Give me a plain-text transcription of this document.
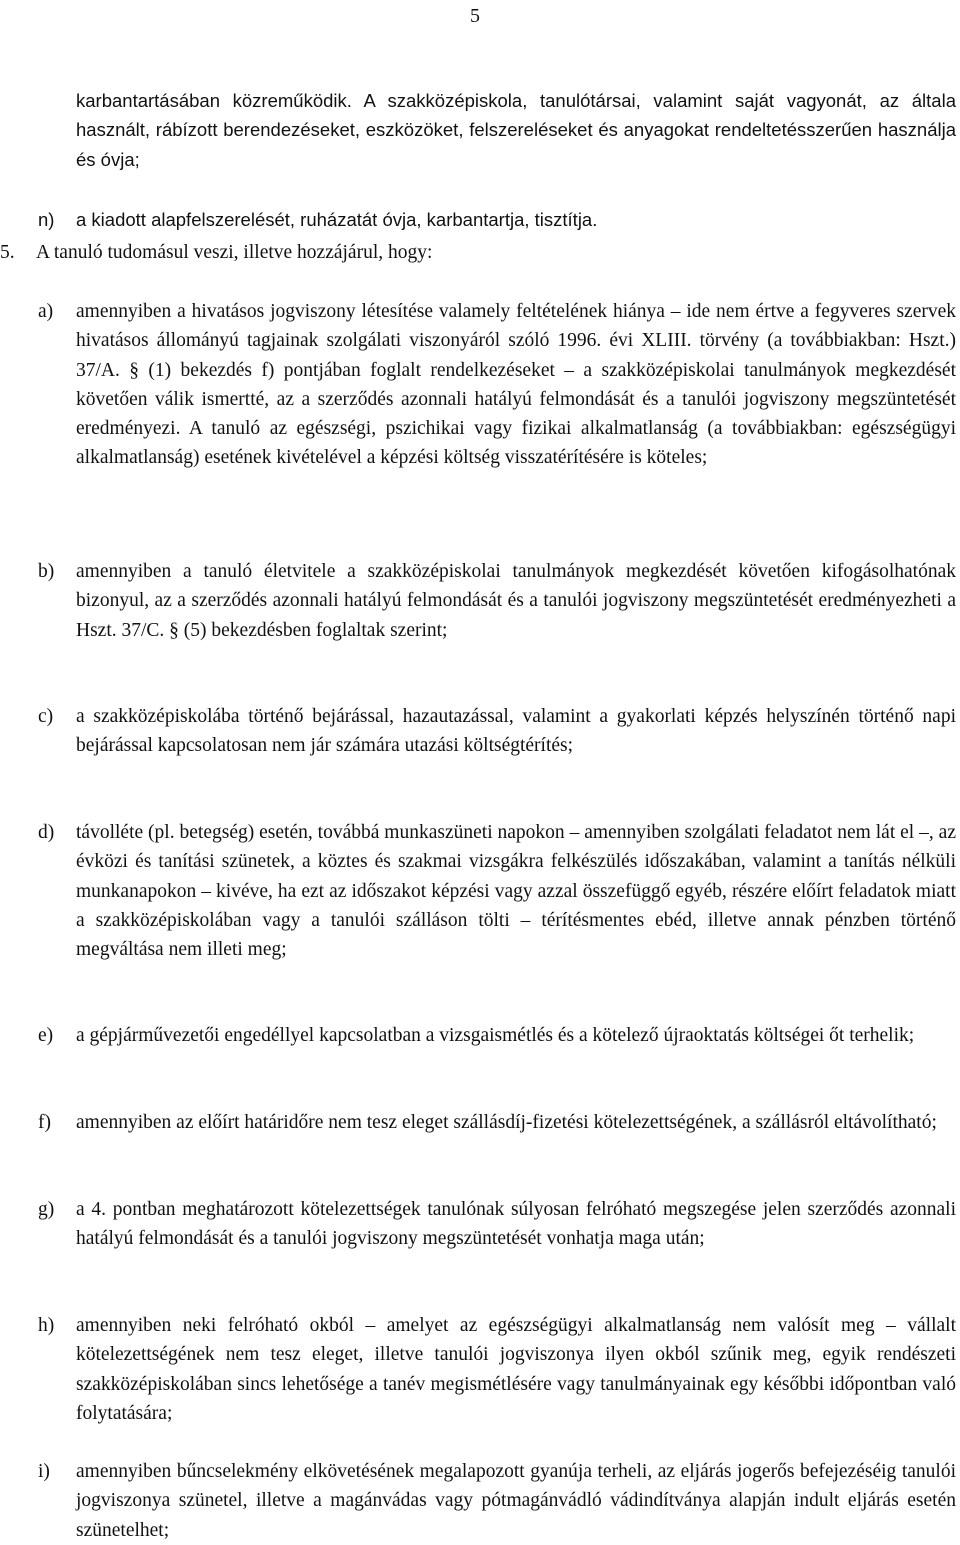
5
karbantartásában közreműködik. A szakközépiskola, tanulótársai, valamint saját vagyonát, az általa használt, rábízott berendezéseket, eszközöket, felszereléseket és anyagokat rendeltetésszerűen használja és óvja;
n)	a kiadott alapfelszerelését, ruházatát óvja, karbantartja, tisztítja.
5.	A tanuló tudomásul veszi, illetve hozzájárul, hogy:
a)	amennyiben a hivatásos jogviszony létesítése valamely feltételének hiánya – ide nem értve a fegyveres szervek hivatásos állományú tagjainak szolgálati viszonyáról szóló 1996. évi XLIII. törvény (a továbbiakban: Hszt.) 37/A. § (1) bekezdés f) pontjában foglalt rendelkezéseket – a szakközépiskolai tanulmányok megkezdését követően válik ismertté, az a szerződés azonnali hatályú felmondását és a tanulói jogviszony megszüntetését eredményezi. A tanuló az egészségi, pszichikai vagy fizikai alkalmatlanság (a továbbiakban: egészségügyi alkalmatlanság) esetének kivételével a képzési költség visszatérítésére is köteles;
b)	amennyiben a tanuló életvitele a szakközépiskolai tanulmányok megkezdését követően kifogásolhatónak bizonyul, az a szerződés azonnali hatályú felmondását és a tanulói jogviszony megszüntetését eredményezheti a Hszt. 37/C. § (5) bekezdésben foglaltak szerint;
c)	a szakközépiskolába történő bejárással, hazautazással, valamint a gyakorlati képzés helyszínén történő napi bejárással kapcsolatosan nem jár számára utazási költségtérítés;
d)	távolléte (pl. betegség) esetén, továbbá munkaszüneti napokon – amennyiben szolgálati feladatot nem lát el –, az évközi és tanítási szünetek, a köztes és szakmai vizsgákra felkészülés időszakában, valamint a tanítás nélküli munkanapokon – kivéve, ha ezt az időszakot képzési vagy azzal összefüggő egyéb, részére előírt feladatok miatt a szakközépiskolában vagy a tanulói szálláson tölti – térítésmentes ebéd, illetve annak pénzben történő megváltása nem illeti meg;
e)	a gépjárművezetői engedéllyel kapcsolatban a vizsgaismétlés és a kötelező újraoktatás költségei őt terhelik;
f)	amennyiben az előírt határidőre nem tesz eleget szállásdíj-fizetési kötelezettségének, a szállásról eltávolítható;
g)	a 4. pontban meghatározott kötelezettségek tanulónak súlyosan felróható megszegése jelen szerződés azonnali hatályú felmondását és a tanulói jogviszony megszüntetését vonhatja maga után;
h)	amennyiben neki felróható okból – amelyet az egészségügyi alkalmatlanság nem valósít meg – vállalt kötelezettségének nem tesz eleget, illetve tanulói jogviszonya ilyen okból szűnik meg, egyik rendészeti szakközépiskolában sincs lehetősége a tanév megismétlésére vagy tanulmányainak egy későbbi időpontban való folytatására;
i)	amennyiben bűncselekmény elkövetésének megalapozott gyanúja terheli, az eljárás jogerős befejezéséig tanulói jogviszonya szünetel, illetve a magánvádas vagy pótmagánvádló vádindítványa alapján indult eljárás esetén szünetelhet;
